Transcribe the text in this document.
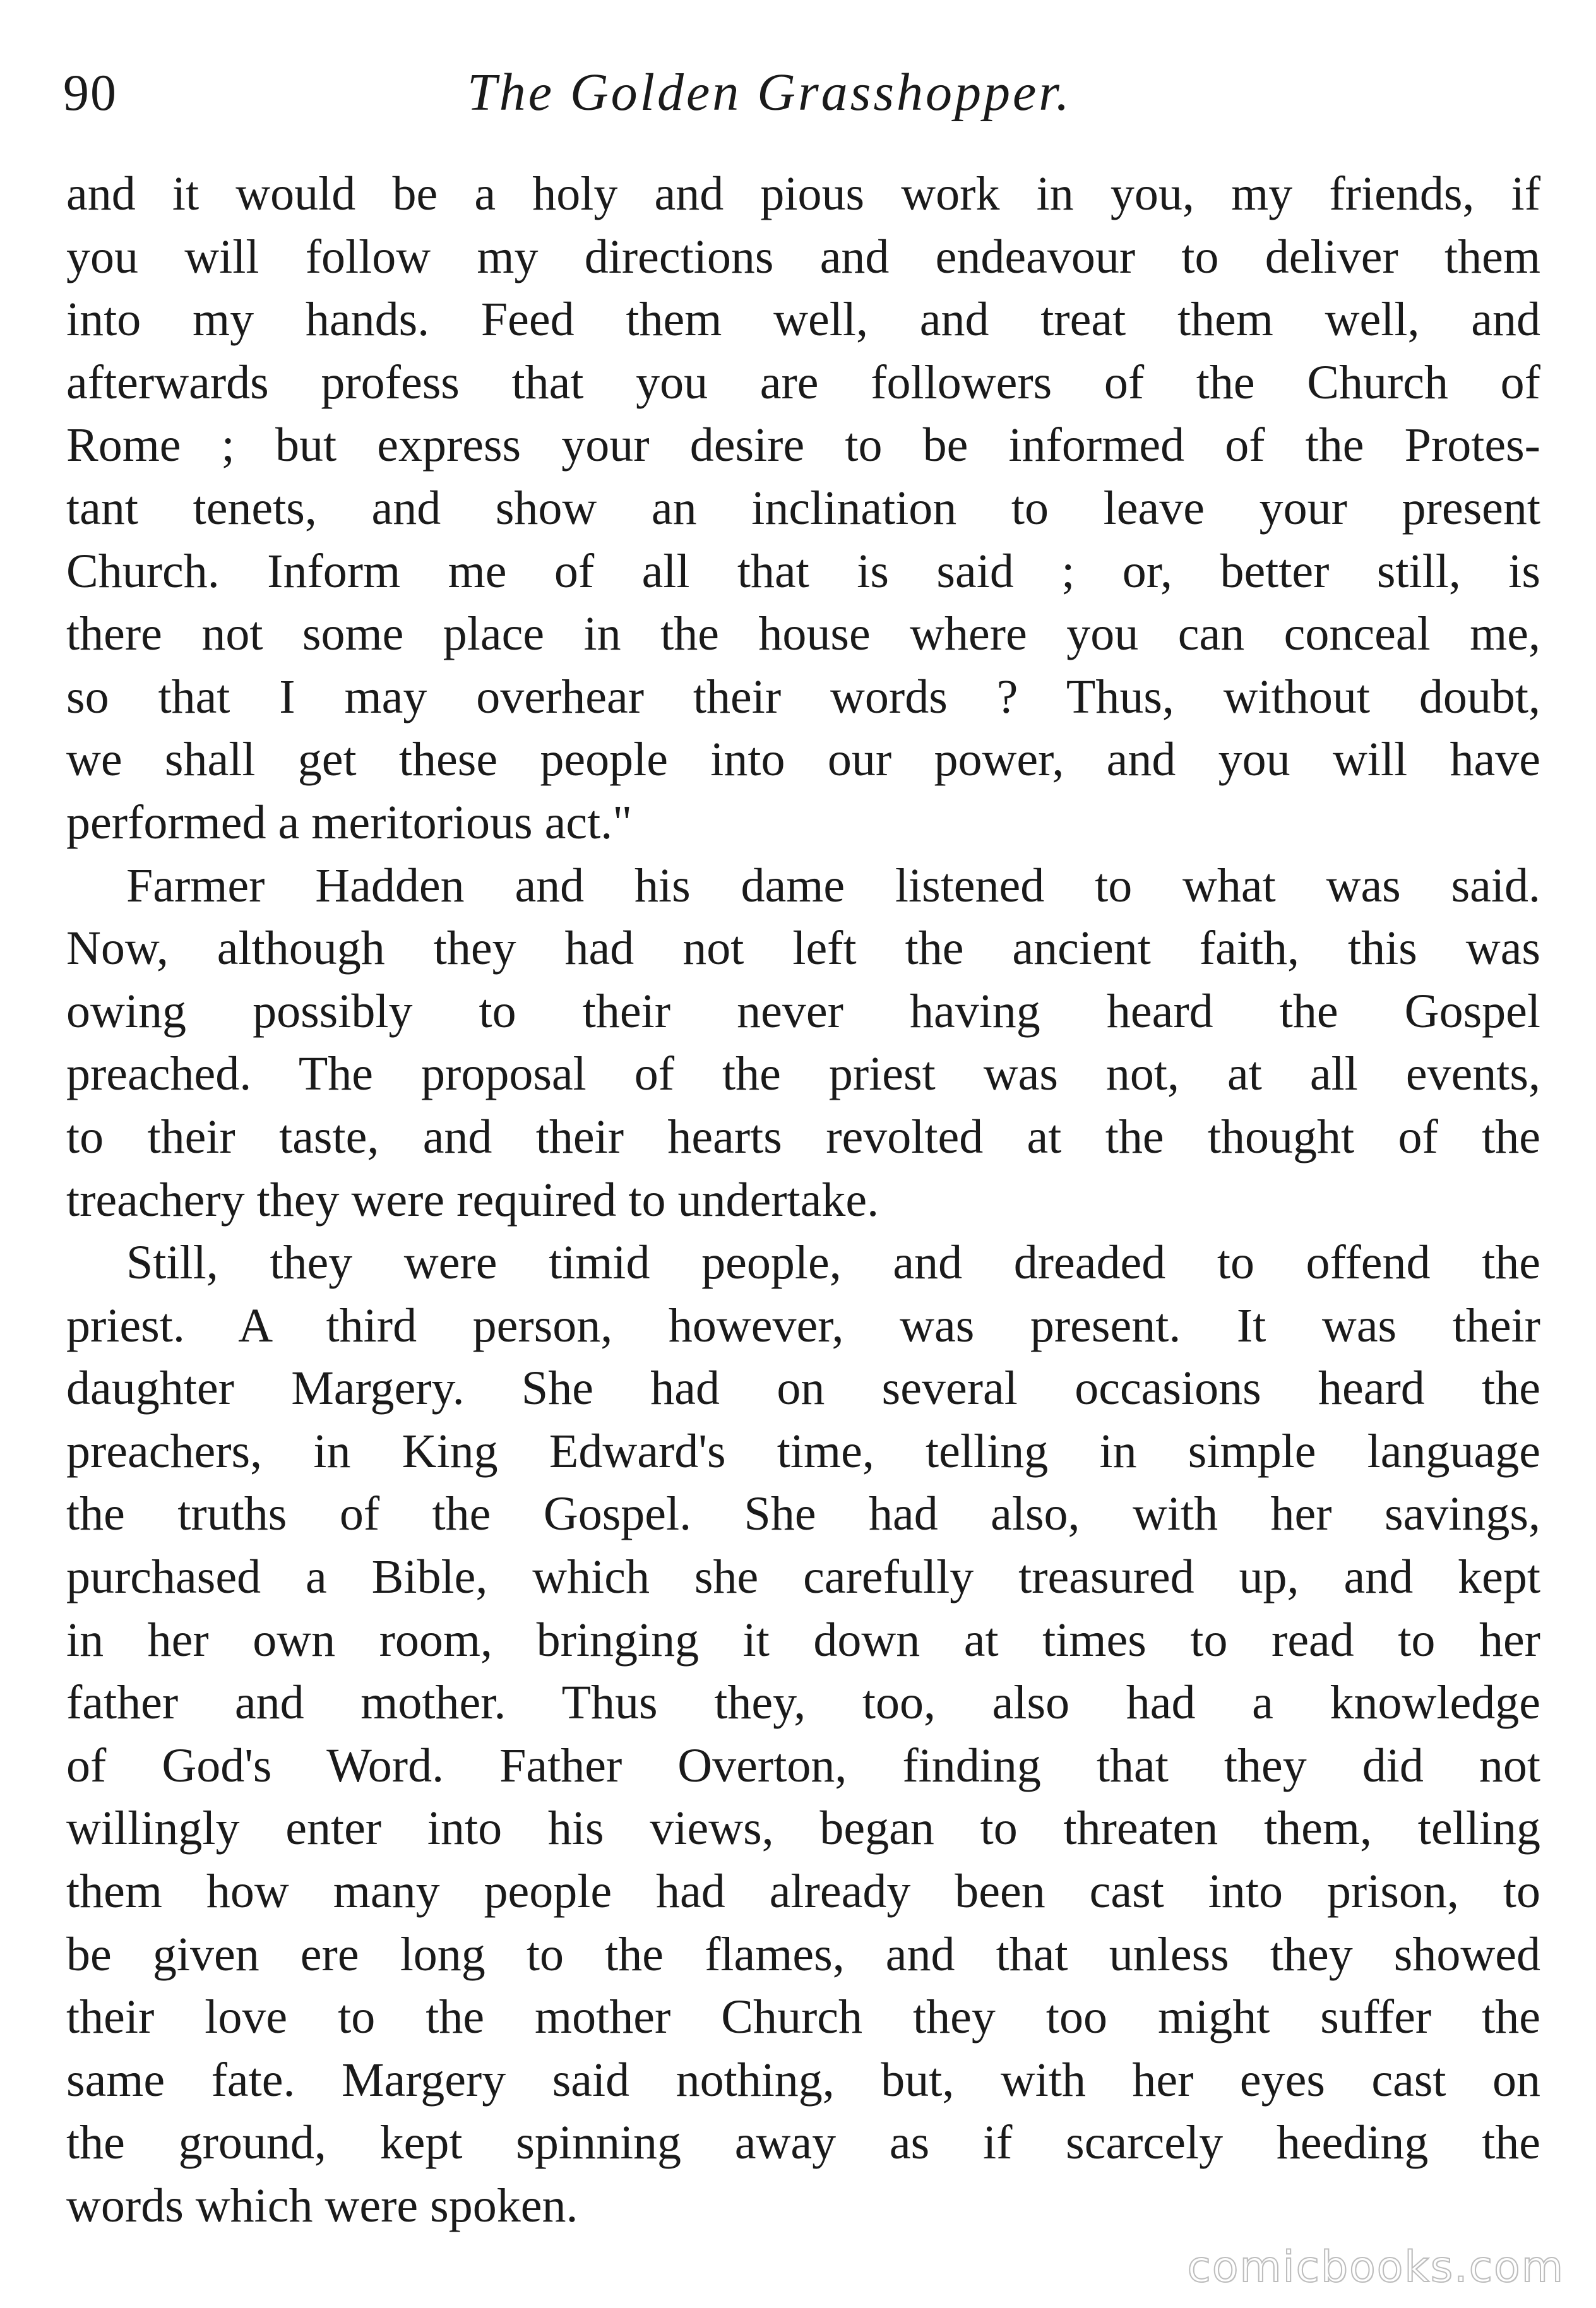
90	The Golden Grasshopper.
and it would be a holy and pious work in you, my friends, if
you will follow my directions and endeavour to deliver them
into my hands. Feed them well, and treat them well, and
afterwards profess that you are followers of the Church of
Rome ; but express your desire to be informed of the Protes-
tant tenets, and show an inclination to leave your present
Church. Inform me of all that is said ; or, better still, is
there not some place in the house where you can conceal me,
so that I may overhear their words ? Thus, without doubt,
we shall get these people into our power, and you will have
performed a meritorious act."
Farmer Hadden and his dame listened to what was said.
Now, although they had not left the ancient faith, this was
owing possibly to their never having heard the Gospel
preached. The proposal of the priest was not, at all events,
to their taste, and their hearts revolted at the thought of the
treachery they were required to undertake.
Still, they were timid people, and dreaded to offend the
priest. A third person, however, was present. It was their
daughter Margery. She had on several occasions heard the
preachers, in King Edward's time, telling in simple language
the truths of the Gospel. She had also, with her savings,
purchased a Bible, which she carefully treasured up, and kept
in her own room, bringing it down at times to read to her
father and mother. Thus they, too, also had a knowledge
of God's Word. Father Overton, finding that they did not
willingly enter into his views, began to threaten them, telling
them how many people had already been cast into prison, to
be given ere long to the flames, and that unless they showed
their love to the mother Church they too might suffer the
same fate. Margery said nothing, but, with her eyes cast on
the ground, kept spinning away as if scarcely heeding the
words which were spoken.
comicbooks.com
